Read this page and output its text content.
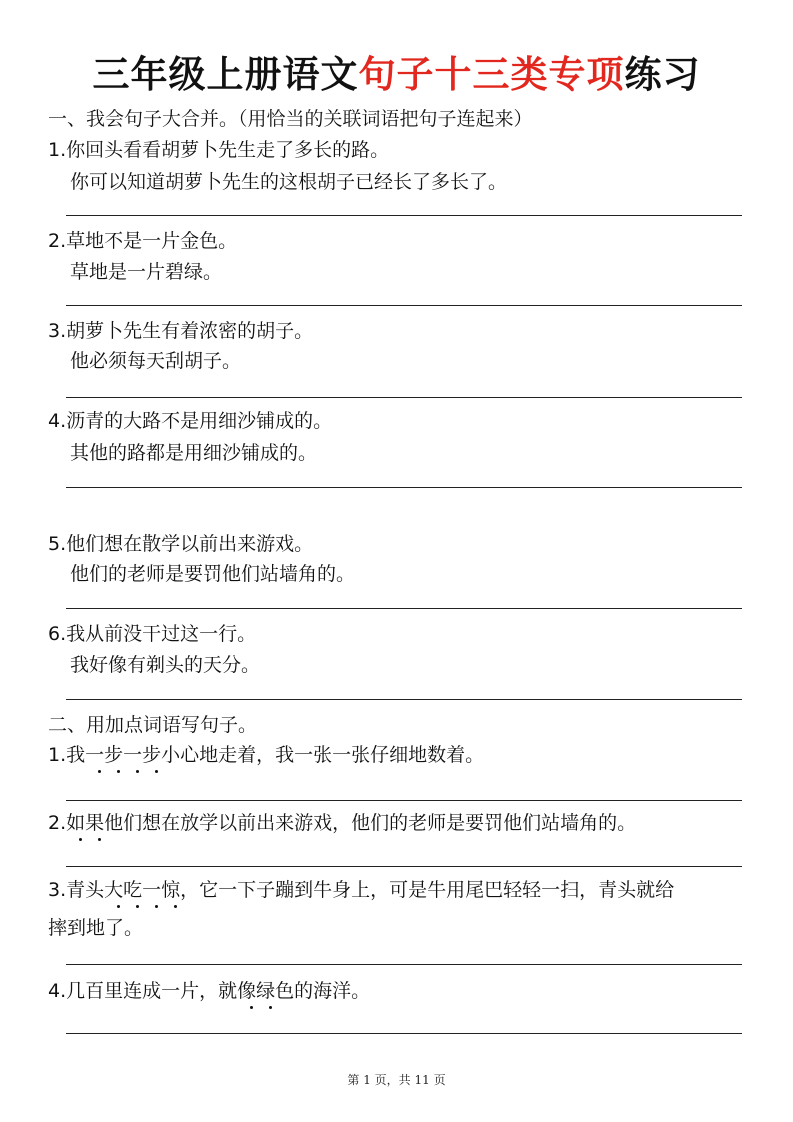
三年级上册语文句子十三类专项练习
一、我会句子大合并。（用恰当的关联词语把句子连起来）
1.你回头看看胡萝卜先生走了多长的路。
你可以知道胡萝卜先生的这根胡子已经长了多长了。
2.草地不是一片金色。
草地是一片碧绿。
3.胡萝卜先生有着浓密的胡子。
他必须每天刮胡子。
4.沥青的大路不是用细沙铺成的。
其他的路都是用细沙铺成的。
5.他们想在散学以前出来游戏。
他们的老师是要罚他们站墙角的。
6.我从前没干过这一行。
我好像有剃头的天分。
二、用加点词语写句子。
1.我一步一步小心地走着，我一张一张仔细地数着。
2.如果他们想在放学以前出来游戏，他们的老师是要罚他们站墙角的。
3.青头大吃一惊，它一下子蹦到牛身上，可是牛用尾巴轻轻一扫，青头就给
摔到地了。
4.几百里连成一片，就像绿色的海洋。
第 1 页，共 11 页
